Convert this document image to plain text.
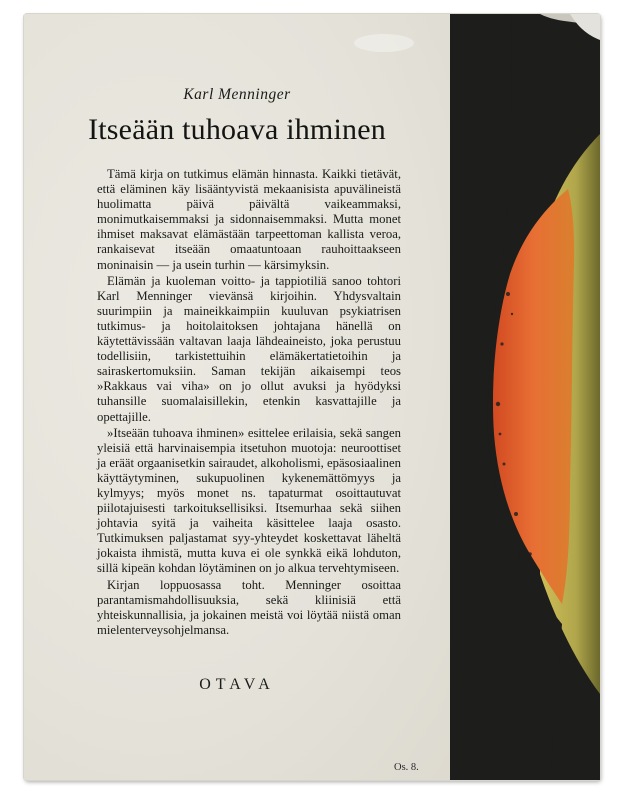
Karl Menninger
Itseään tuhoava ihminen

Tämä kirja on tutkimus elämän hinnasta. Kaikki tietävät, että eläminen käy lisääntyvistä mekaanisista apuvälineistä huolimatta päivä päivältä vaikeammaksi, monimutkaisemmaksi ja sidonnaisemmaksi. Mutta monet ihmiset maksavat elämästään tarpeettoman kallista veroa, rankaisevat itseään omaatuntoaan rauhoittaakseen moninaisin — ja usein turhin — kärsimyksin.

Elämän ja kuoleman voitto- ja tappiotiliä sanoo tohtori Karl Menninger vievänsä kirjoihin. Yhdysvaltain suurimpiin ja maineikkaimpiin kuuluvan psykiatrisen tutkimus- ja hoitolaitoksen johtajana hänellä on käytettävissään valtavan laaja lähdeaineisto, joka perustuu todellisiin, tarkistettuihin elämäkertatietoihin ja sairaskertomuksiin. Saman tekijän aikaisempi teos »Rakkaus vai viha» on jo ollut avuksi ja hyödyksi tuhansille suomalaisillekin, etenkin kasvattajille ja opettajille.

»Itseään tuhoava ihminen» esittelee erilaisia, sekä sangen yleisiä että harvinaisempia itsetuhon muotoja: neuroottiset ja eräät orgaanisetkin sairaudet, alkoholismi, epäsosiaalinen käyttäytyminen, sukupuolinen kykenemättömyys ja kylmyys; myös monet ns. tapaturmat osoittautuvat piilotajuisesti tarkoituksellisiksi. Itsemurhaa sekä siihen johtavia syitä ja vaiheita käsittelee laaja osasto. Tutkimuksen paljastamat syy-yhteydet koskettavat läheltä jokaista ihmistä, mutta kuva ei ole synkkä eikä lohduton, sillä kipeän kohdan löytäminen on jo alkua tervehtymiseen.

Kirjan loppuosassa toht. Menninger osoittaa parantamismahdollisuuksia, sekä kliinisiä että yhteiskunnallisia, ja jokainen meistä voi löytää niistä oman mielenterveysohjelmansa.

OTAVA
Os. 8.
